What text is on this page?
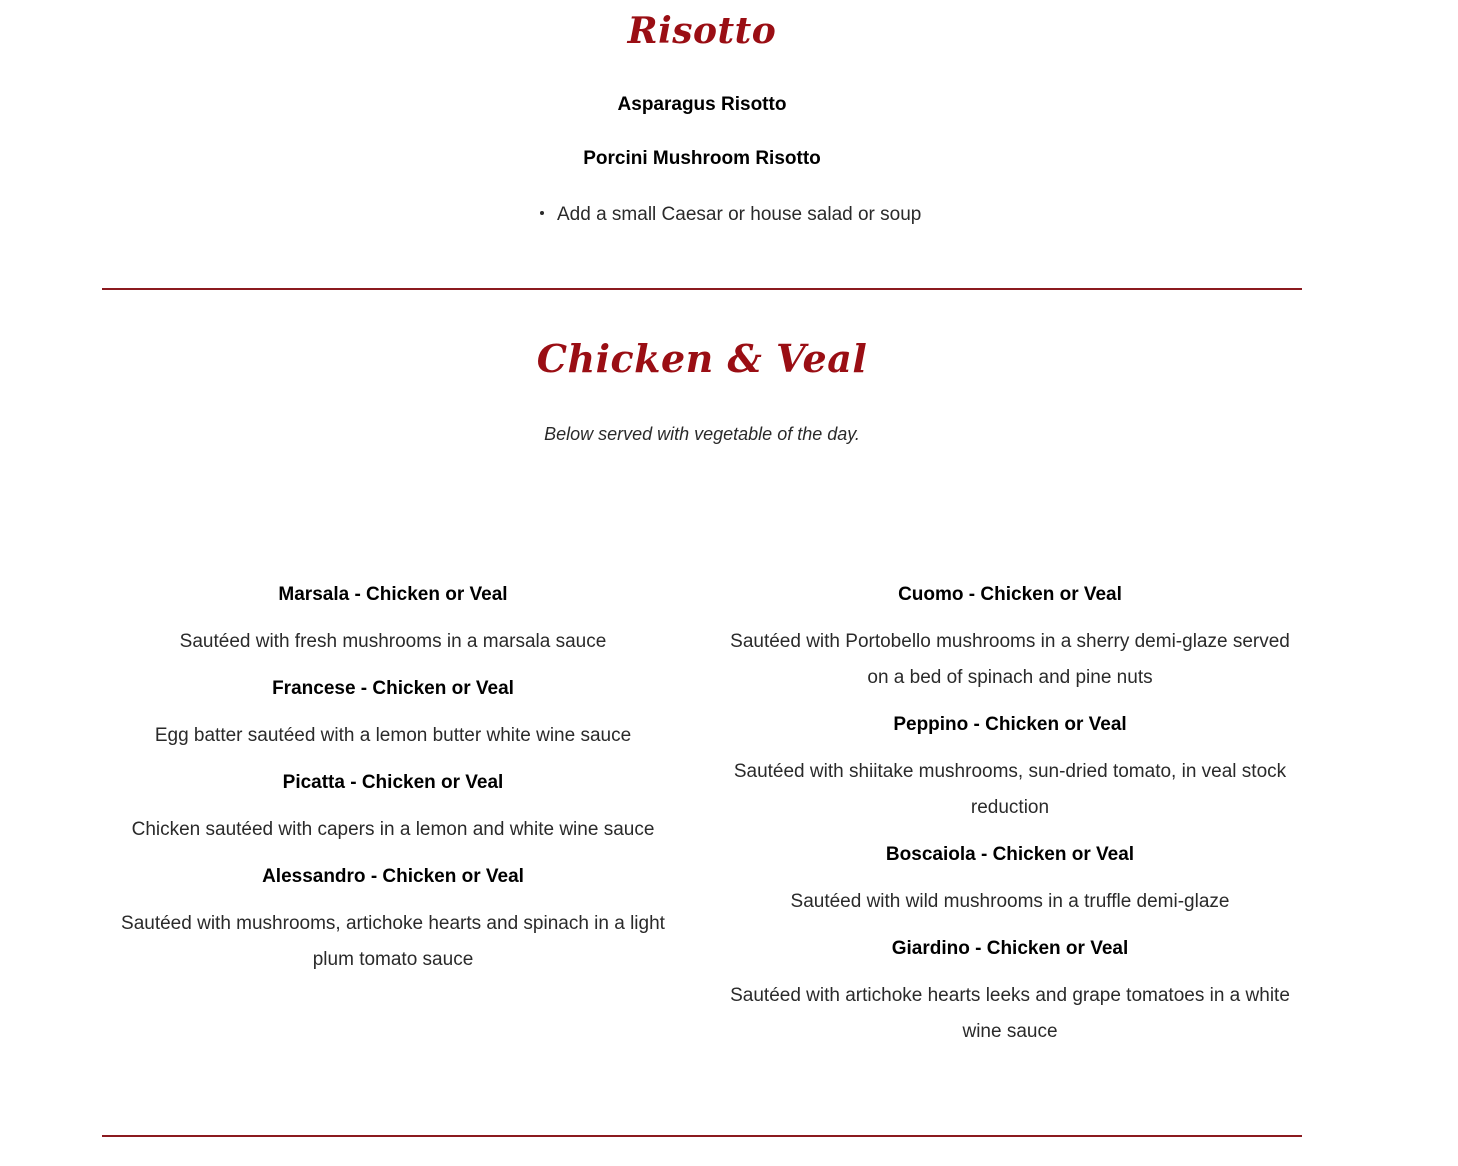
Risotto
Asparagus Risotto
Porcini Mushroom Risotto
Add a small Caesar or house salad or soup
Chicken & Veal
Below served with vegetable of the day.
Marsala - Chicken or Veal
Sautéed with fresh mushrooms in a marsala sauce
Francese - Chicken or Veal
Egg batter sautéed with a lemon butter white wine sauce
Picatta - Chicken or Veal
Chicken sautéed with capers in a lemon and white wine sauce
Alessandro - Chicken or Veal
Sautéed with mushrooms, artichoke hearts and spinach in a light plum tomato sauce
Cuomo - Chicken or Veal
Sautéed with Portobello mushrooms in a sherry demi-glaze served on a bed of spinach and pine nuts
Peppino - Chicken or Veal
Sautéed with shiitake mushrooms, sun-dried tomato, in veal stock reduction
Boscaiola - Chicken or Veal
Sautéed with wild mushrooms in a truffle demi-glaze
Giardino - Chicken or Veal
Sautéed with artichoke hearts leeks and grape tomatoes in a white wine sauce
